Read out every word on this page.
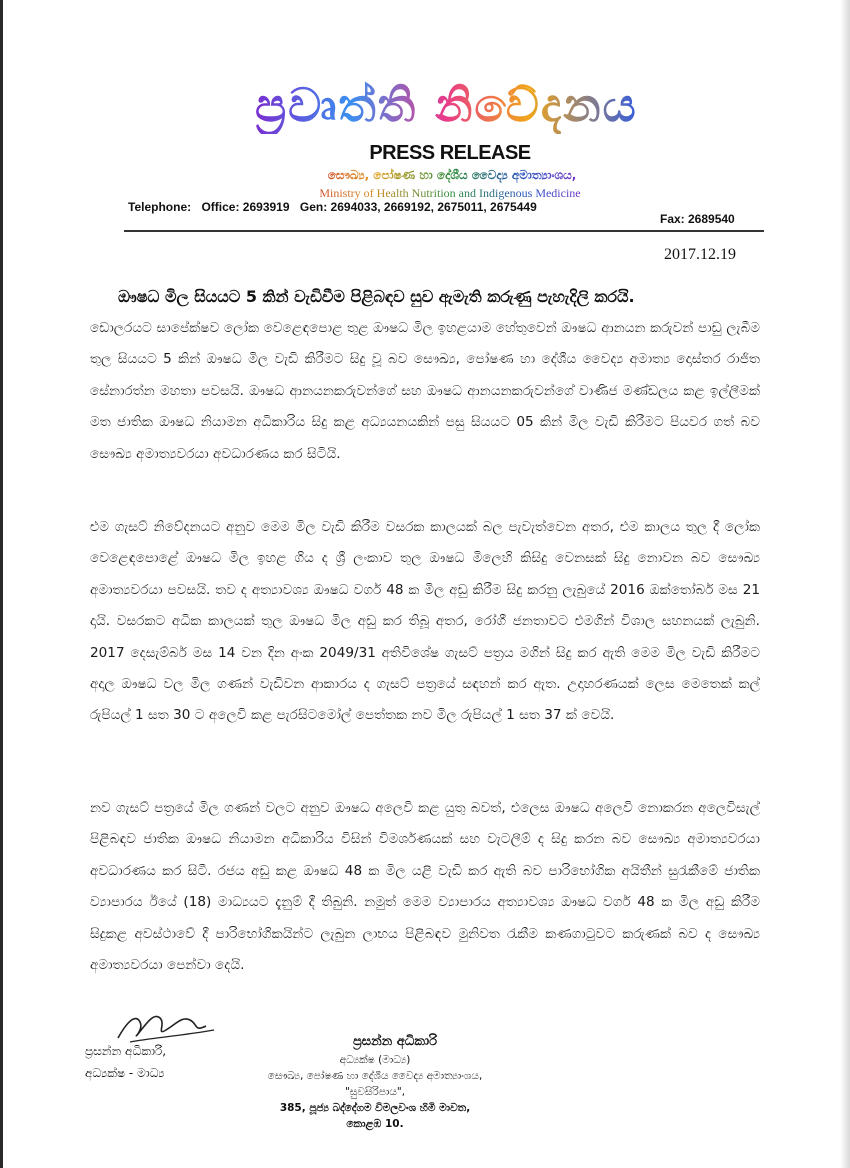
ප්‍රවෘත්ති නිවේදනය.
PRESS RELEASE
සෞඛ්‍ය, පෝෂණ හා දේශීය වෛද්‍ය අමාත්‍යාංශය,
Ministry of Health Nutrition and Indigenous Medicine
Telephone: Office: 2693919 Gen: 2694033, 2669192, 2675011, 2675449
Fax: 2689540
2017.12.19
ඖෂධ මිල සියයට 5 කින් වැඩිවීම පිළිබඳව සුව ඇමැති කරුණු පැහැදිලි කරයි.
ඩොලරයට සාපේක්ෂව ලෝක වෙළෙඳපොළ තුළ ඖෂධ මිල ඉහළයාම හේතුවෙන් ඖෂධ ආනයන කරුවන් පාඩු ලැබීම තුල සියයට 5 කින් ඖෂධ මිල වැඩි කිරීමට සිදු වූ බව සෞඛ්‍ය, පෝෂණ හා දේශීය වෛද්‍ය අමාත්‍ය දොස්තර රාජිත සේනාරත්න මහතා පවසයි. ඖෂධ ආනයනකරුවන්ගේ සහ ඖෂධ ආනයනකරුවන්ගේ වාණිජ මණ්ඩලය කළ ඉල්ලීමක් මත ජාතික ඖෂධ නියාමන අධිකාරිය සිදු කළ අධ්‍යයනයකින් පසු සියයට 05 කින් මිල වැඩි කිරීමට පියවර ගත් බව සෞඛ්‍ය අමාත්‍යවරයා අවධාරණය කර සිටියි.
එම ගැසට් නිවේදනයට අනුව මෙම මිල වැඩි කිරීම වසරක කාලයක් බල පැවැත්වෙන අතර, එම කාලය තුල දී ලෝක වෙළෙඳපොළේ ඖෂධ මිල ඉහළ ගිය ද ශ්‍රී ලංකාව තුල ඖෂධ මිලෙහි කිසිදු වෙනසක් සිදු නොවන බව සෞඛ්‍ය අමාත්‍යවරයා පවසයි. තව ද අත්‍යාවශ්‍ය ඖෂධ වර්ග 48 ක මිල අඩු කිරීම සිදු කරනු ලැබුයේ 2016 ඔක්තෝබර් මස 21 දායි. වසරකට අධික කාලයක් තුල ඖෂධ මිල අඩු කර තිබූ අතර, රෝගී ජනතාවට එමගින් විශාල සහනයක් ලැබුනි. 2017 දෙසැම්බර් මස 14 වන දින අංක 2049/31 අතිවිශේෂ ගැසට් පත්‍රය මගින් සිදු කර ඇති මෙම මිල වැඩි කිරීමට අදාල ඖෂධ වල මිල ගණන් වැඩිවන ආකාරය ද ගැසට් පත්‍රයේ සඳහන් කර ඇත. උදාහරණයක් ලෙස මෙතෙක් කල් රුපියල් 1 සත 30 ට අලෙවි කළ පැරසිටමෝල් පෙත්තක නව මිල රුපියල් 1 සත 37 ක් වෙයි.
නව ගැසට් පත්‍රයේ මිල ගණන් වලට අනුව ඖෂධ අලෙවි කළ යුතු බවත්, එලෙස ඖෂධ අලෙවි නොකරන අලෙවිසැල් පිළිබඳව ජාතික ඖෂධ නියාමන අධිකාරිය විසින් විමර්ශණයක් සහ වැටලීම් ද සිදු කරන බව සෞඛ්‍ය අමාත්‍යවරයා අවධාරණය කර සිටී. රජය අඩු කළ ඖෂධ 48 ක මිල යළි වැඩි කර ඇති බව පාරිභෝගික අයිතීන් සුරැකීමේ ජාතික ව්‍යාපාරය ඊයේ (18) මාධ්‍යයට දැනුම් දී තිබුනි. නමුත් මෙම ව්‍යාපාරය අත්‍යාවශ්‍ය ඖෂධ වර්ග 48 ක මිල අඩු කිරීම සිදුකළ අවස්ථාවේ දී පාරිභෝගිකයින්ට ලැබුන ලාභය පිළිබඳව මුනිවත රැකීම කණගාටුවට කරුණක් බව ද සෞඛ්‍ය අමාත්‍යවරයා පෙන්වා දෙයි.
ප්‍රසන්න අධිකාරි,
අධ්‍යක්ෂ - මාධ්‍ය
ප්‍රසන්න අධිකාරි
අධ්‍යක්ෂ (මාධ්‍ය)
සෞඛ්‍ය, පෝෂණ හා දේශීය වෛද්‍ය අමාත්‍යාංශය,
"සුවසිරිපාය",
385, පූජ්‍ය බද්දේගම විමලවංශ හිමි මාවත,
කොළඹ 10.
